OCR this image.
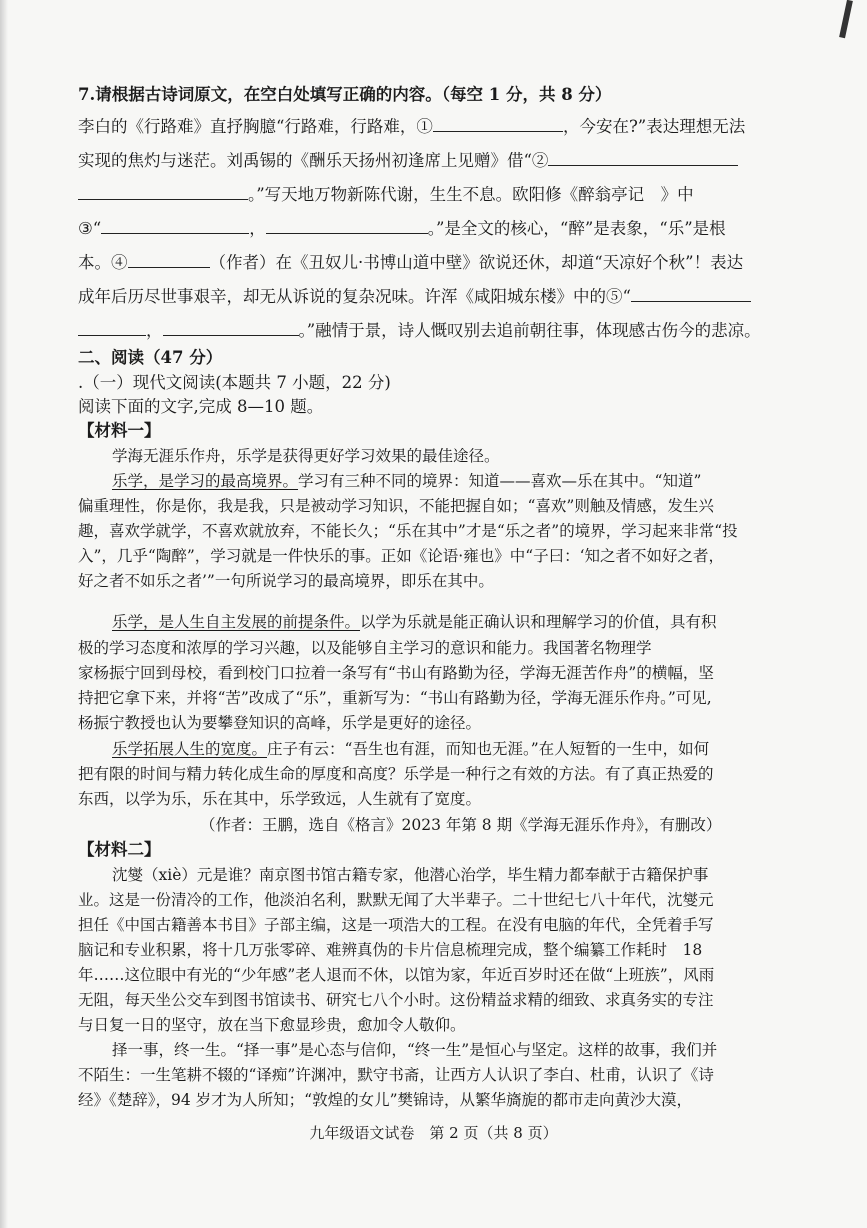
7.请根据古诗词原文，在空白处填写正确的内容。（每空 1 分，共 8 分）
李白的《行路难》直抒胸臆“行路难，行路难，①	，今安在?”表达理想无法
实现的焦灼与迷茫。刘禹锡的《酬乐天扬州初逢席上见赠》借“②
。”写天地万物新陈代谢，生生不息。欧阳修《醉翁亭记　》中
③“	，	。”是全文的核心，“醉”是表象，“乐”是根
本。④	（作者）在《丑奴儿·书博山道中壁》欲说还休，却道“天凉好个秋”！表达
成年后历尽世事艰辛，却无从诉说的复杂况味。许浑《咸阳城东楼》中的⑤“
，	。”融情于景，诗人慨叹别去追前朝往事，体现感古伤今的悲凉。
二、阅读（47 分）
.（一）现代文阅读(本题共 7 小题，22 分)
阅读下面的文字,完成 8—10 题。
【材料一】
学海无涯乐作舟，乐学是获得更好学习效果的最佳途径。
乐学，是学习的最高境界。学习有三种不同的境界：知道——喜欢—乐在其中。“知道”
偏重理性，你是你，我是我，只是被动学习知识，不能把握自如；“喜欢”则触及情感，发生兴
趣，喜欢学就学，不喜欢就放弃，不能长久；“乐在其中”才是“乐之者”的境界，学习起来非常“投
入”，几乎“陶醉”，学习就是一件快乐的事。正如《论语·雍也》中“子曰：‘知之者不如好之者，
好之者不如乐之者’”一句所说学习的最高境界，即乐在其中。
乐学，是人生自主发展的前提条件。以学为乐就是能正确认识和理解学习的价值，具有积
极的学习态度和浓厚的学习兴趣，以及能够自主学习的意识和能力。我国著名物理学
家杨振宁回到母校，看到校门口拉着一条写有“书山有路勤为径，学海无涯苦作舟”的横幅，坚
持把它拿下来，并将“苦”改成了“乐”，重新写为：“书山有路勤为径，学海无涯乐作舟。”可见,
杨振宁教授也认为要攀登知识的高峰，乐学是更好的途径。
乐学拓展人生的宽度。庄子有云：“吾生也有涯，而知也无涯。”在人短暂的一生中，如何
把有限的时间与精力转化成生命的厚度和高度？乐学是一种行之有效的方法。有了真正热爱的
东西，以学为乐，乐在其中，乐学致远，人生就有了宽度。
（作者：王鹏，选自《格言》2023 年第 8 期《学海无涯乐作舟》，有删改）
【材料二】
沈燮（xiè）元是谁？南京图书馆古籍专家，他潜心治学，毕生精力都奉献于古籍保护事
业。这是一份清冷的工作，他淡泊名利，默默无闻了大半辈子。二十世纪七八十年代，沈燮元
担任《中国古籍善本书目》子部主编，这是一项浩大的工程。在没有电脑的年代，全凭着手写
脑记和专业积累，将十几万张零碎、难辨真伪的卡片信息梳理完成，整个编纂工作耗时　18
年……这位眼中有光的“少年感”老人退而不休，以馆为家，年近百岁时还在做“上班族”，风雨
无阻，每天坐公交车到图书馆读书、研究七八个小时。这份精益求精的细致、求真务实的专注
与日复一日的坚守，放在当下愈显珍贵，愈加令人敬仰。
择一事，终一生。“择一事”是心态与信仰，“终一生”是恒心与坚定。这样的故事，我们并
不陌生：一生笔耕不辍的“译痴”许渊冲，默守书斋，让西方人认识了李白、杜甫，认识了《诗
经》《楚辞》，94 岁才为人所知；“敦煌的女儿”樊锦诗，从繁华旖旎的都市走向黄沙大漠，
九年级语文试卷　第 2 页（共 8 页）
